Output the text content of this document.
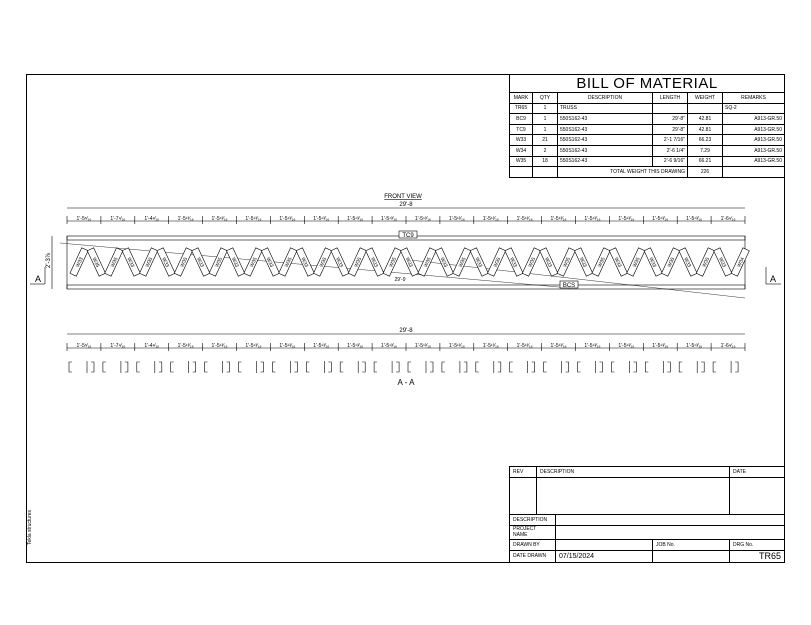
Tekla structures
BILL OF MATERIAL					
MARK	QTY	DESCRIPTION	LENGTH	WEIGHT	REMARKS
TR65	1	TRUSS			SQ-2
BC9	1	550S162-43	29'-8"	42.81	A913-GR.50
TC9	1	550S162-43	29'-8"	42.81	A913-GR.50
W33	21	550S162-43	2'-1 7/16"	66.23	A913-GR.50
W34	2	550S162-43	2'-6 1/4"	7.29	A913-GR.50
W35	18	550S162-43	2'-6 9/16"	66.21	A913-GR.50
		TOTAL WEIGHT THIS DRAWING		226	
FRONT VIEW
29'-8
2'-3⅞
A	A
TC9
BCS
29'-9
1'-5⁵⁄₁₆	1'-7⁹⁄₁₆	1'-4⁹⁄₁₆	1'-5¹³⁄₁₆	1'-5¹³⁄₁₆	1'-5¹³⁄₁₆	1'-5¹³⁄₁₆	1'-5¹³⁄₁₆	1'-5¹³⁄₁₆	1'-5¹³⁄₁₆	1'-5¹³⁄₁₆	1'-5¹³⁄₁₆	1'-5¹³⁄₁₆	1'-5¹³⁄₁₆	1'-5¹³⁄₁₆	1'-5¹³⁄₁₆	1'-5¹³⁄₁₆	1'-5¹³⁄₁₆	1'-5¹³⁄₁₆	1'-6⁹⁄₁₆
W33 W35 W35 W33 W35 W33 W35 W33 W35 W33 W35 W33 W35 W33 W35 W33 W35 W33 W35 W33 W35 W33 W35 W33 W35 W33 W35 W33 W35 W33 W35 W33 W35 W33 W35 W33 W35 W33 W34
29'-8
1'-5⁵⁄₁₆	1'-7⁹⁄₁₆	1'-4⁹⁄₁₆	1'-5¹³⁄₁₆	1'-5¹³⁄₁₆	1'-5¹³⁄₁₆	1'-5¹³⁄₁₆	1'-5¹³⁄₁₆	1'-5¹³⁄₁₆	1'-5¹³⁄₁₆	1'-5¹³⁄₁₆	1'-5¹³⁄₁₆	1'-5¹³⁄₁₆	1'-5¹³⁄₁₆	1'-5¹³⁄₁₆	1'-5¹³⁄₁₆	1'-5¹³⁄₁₆	1'-5¹³⁄₁₆	1'-5¹³⁄₁₆	1'-6⁹⁄₁₆
A - A
REV	DESCRIPTION			DATE

DESCRIPTION				
PROJECT NAME				
DRAWN BY			JOB No.	DRG No.
DATE DRAWN		07/15/2024		TR65
